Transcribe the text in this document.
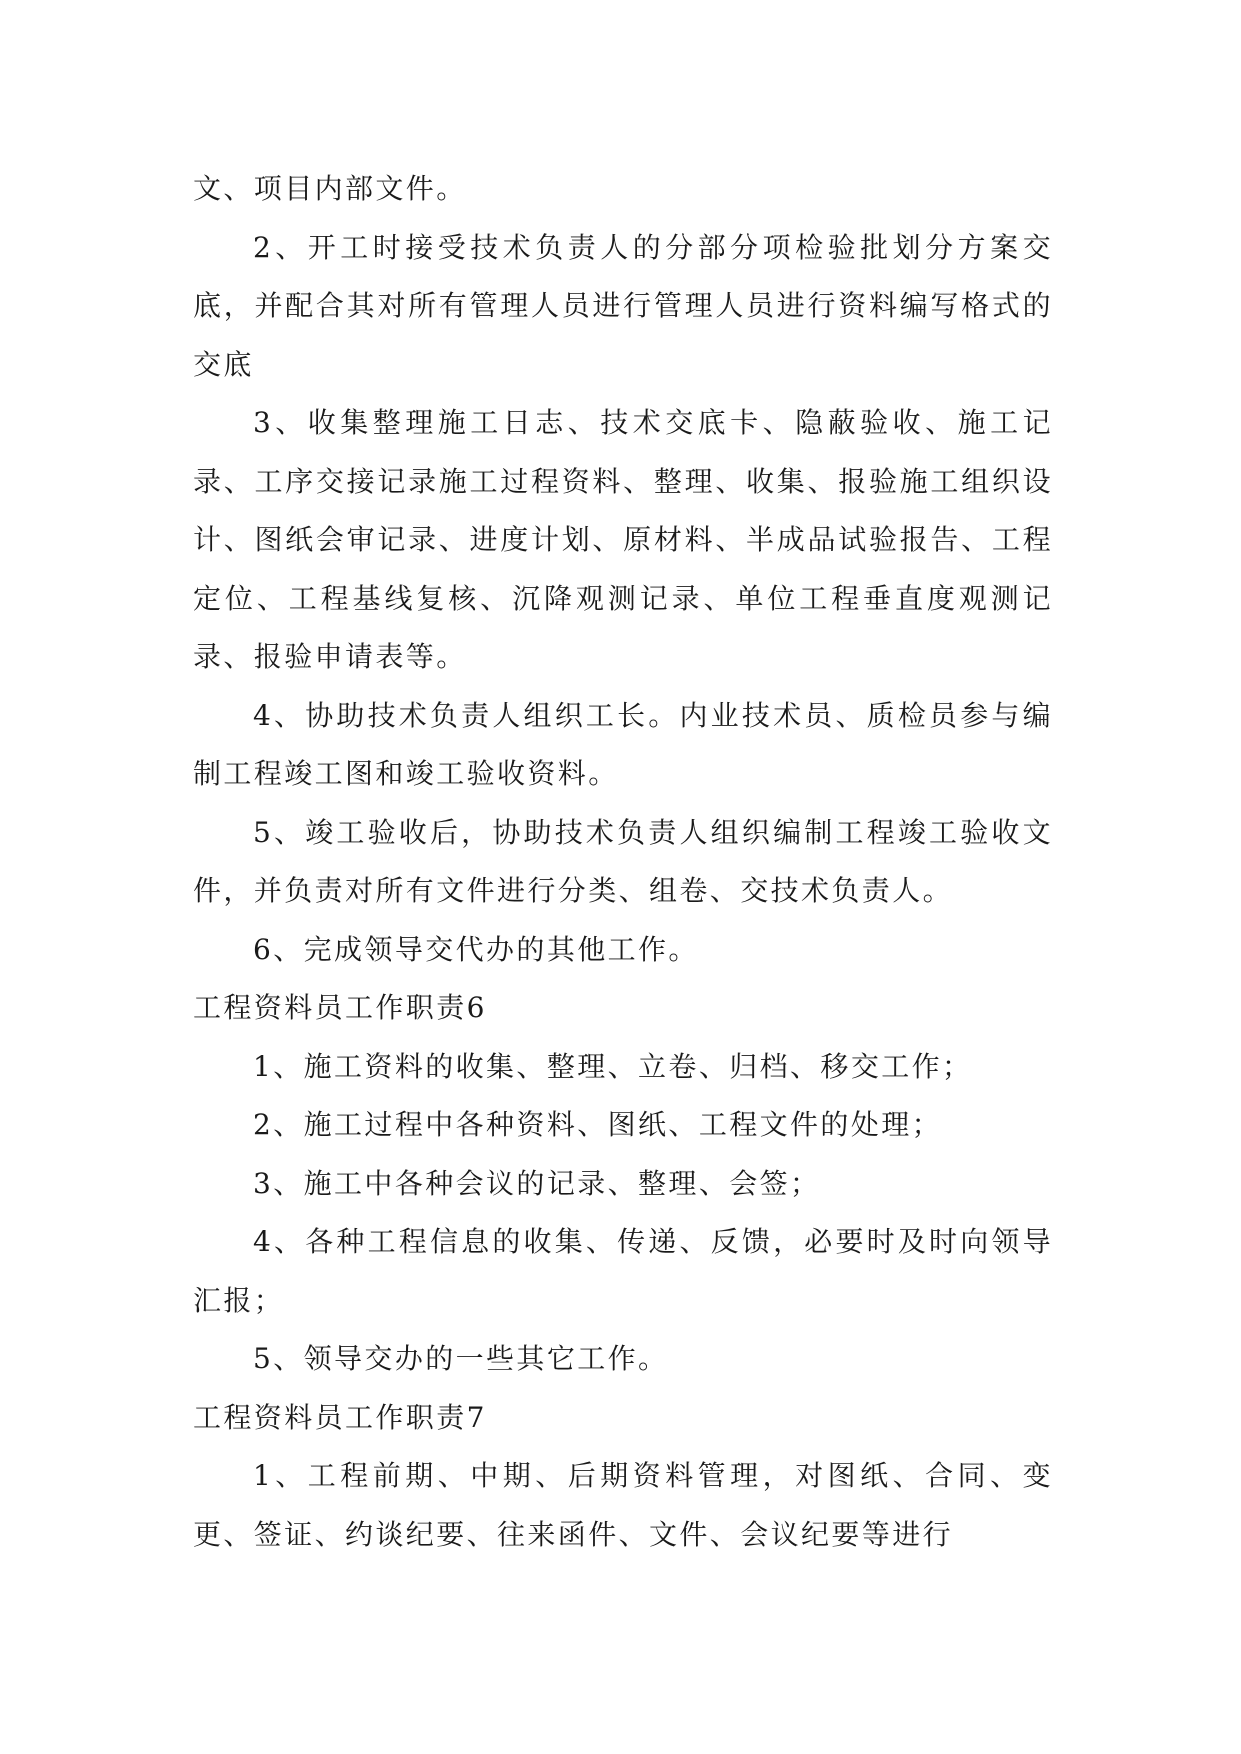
文、项目内部文件。

2、开工时接受技术负责人的分部分项检验批划分方案交底，并配合其对所有管理人员进行管理人员进行资料编写格式的交底

3、收集整理施工日志、技术交底卡、隐蔽验收、施工记录、工序交接记录施工过程资料、整理、收集、报验施工组织设计、图纸会审记录、进度计划、原材料、半成品试验报告、工程定位、工程基线复核、沉降观测记录、单位工程垂直度观测记录、报验申请表等。

4、协助技术负责人组织工长。内业技术员、质检员参与编制工程竣工图和竣工验收资料。

5、竣工验收后，协助技术负责人组织编制工程竣工验收文件，并负责对所有文件进行分类、组卷、交技术负责人。

6、完成领导交代办的其他工作。

工程资料员工作职责6

1、施工资料的收集、整理、立卷、归档、移交工作；

2、施工过程中各种资料、图纸、工程文件的处理；

3、施工中各种会议的记录、整理、会签；

4、各种工程信息的收集、传递、反馈，必要时及时向领导汇报；

5、领导交办的一些其它工作。

工程资料员工作职责7

1、工程前期、中期、后期资料管理，对图纸、合同、变更、签证、约谈纪要、往来函件、文件、会议纪要等进行
